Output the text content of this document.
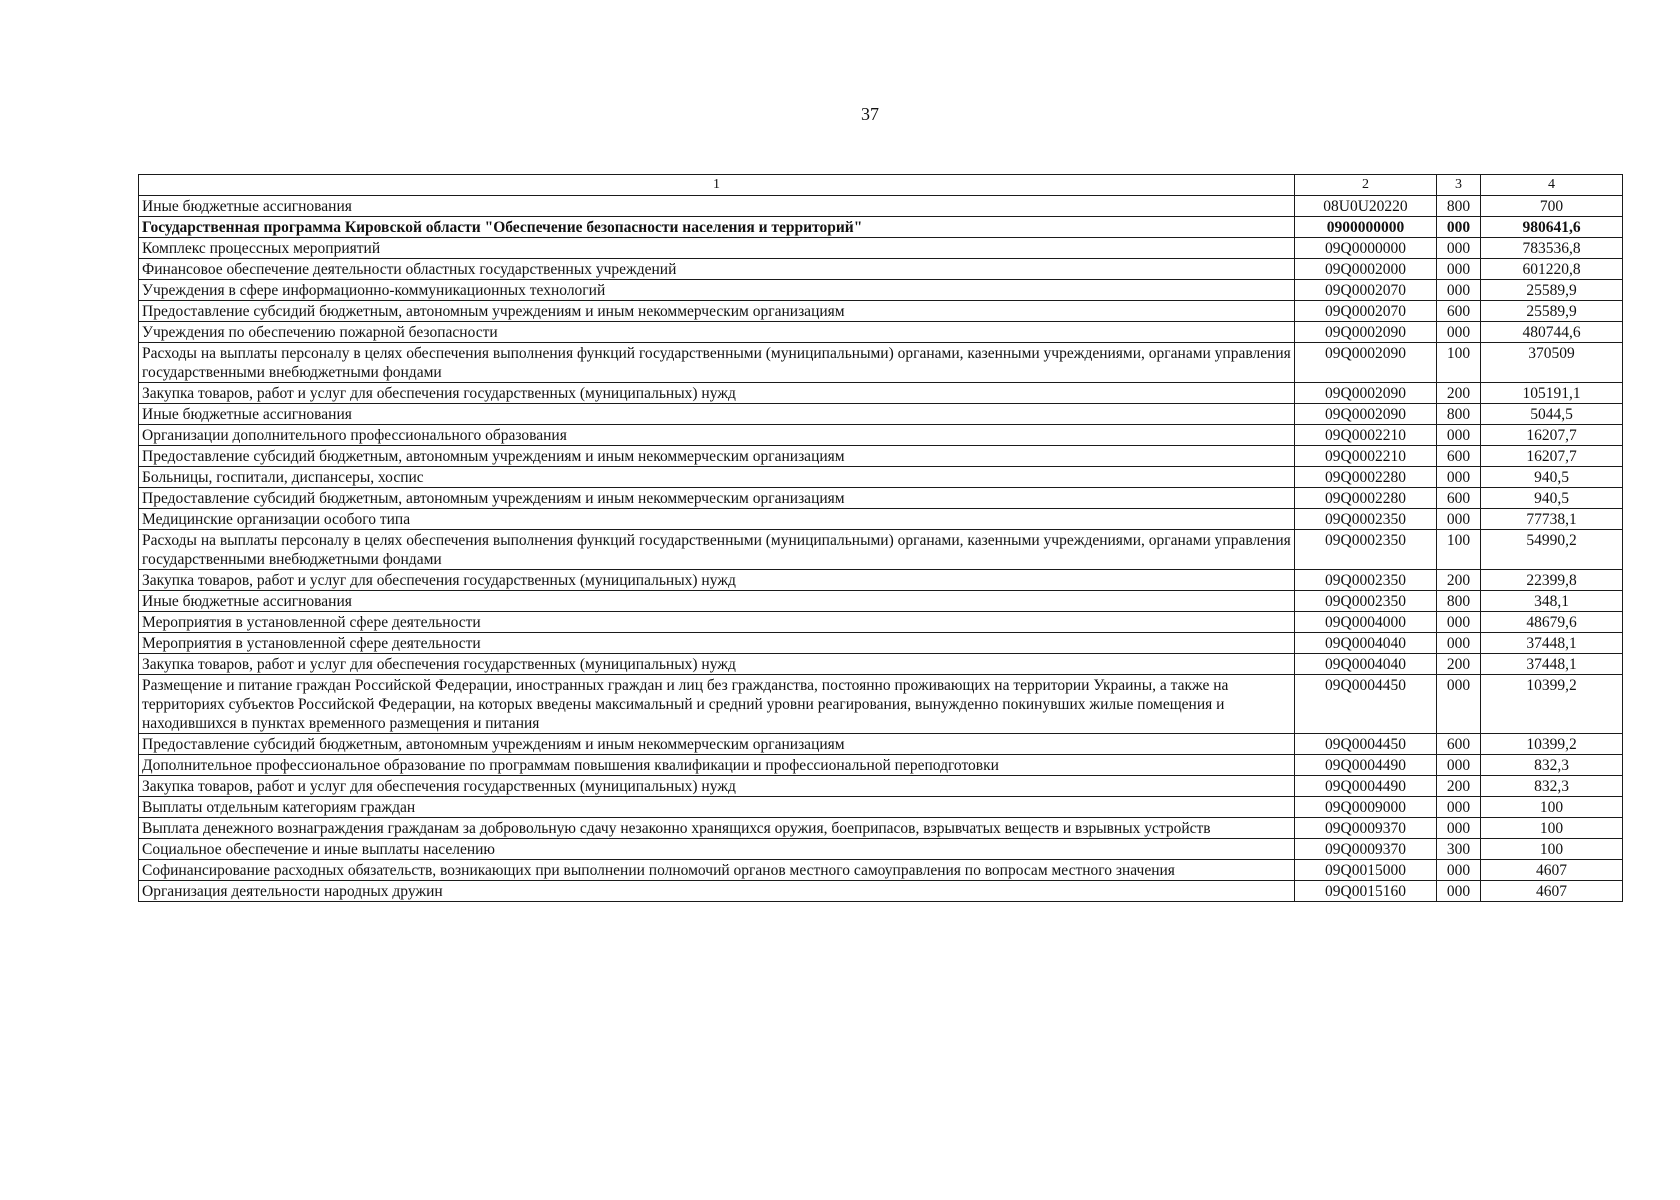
37
1	2	3	4
Иные бюджетные ассигнования	08U0U20220	800	700
Государственная программа Кировской области "Обеспечение безопасности населения и территорий"	0900000000	000	980641,6
Комплекс процессных мероприятий	09Q0000000	000	783536,8
Финансовое обеспечение деятельности областных государственных учреждений	09Q0002000	000	601220,8
Учреждения в сфере информационно-коммуникационных технологий	09Q0002070	000	25589,9
Предоставление субсидий бюджетным, автономным учреждениям и иным некоммерческим организациям	09Q0002070	600	25589,9
Учреждения по обеспечению пожарной безопасности	09Q0002090	000	480744,6
Расходы на выплаты персоналу в целях обеспечения выполнения функций государственными (муниципальными) органами, казенными учреждениями, органами управления государственными внебюджетными фондами	09Q0002090	100	370509
Закупка товаров, работ и услуг для обеспечения государственных (муниципальных) нужд	09Q0002090	200	105191,1
Иные бюджетные ассигнования	09Q0002090	800	5044,5
Организации дополнительного профессионального образования	09Q0002210	000	16207,7
Предоставление субсидий бюджетным, автономным учреждениям и иным некоммерческим организациям	09Q0002210	600	16207,7
Больницы, госпитали, диспансеры, хоспис	09Q0002280	000	940,5
Предоставление субсидий бюджетным, автономным учреждениям и иным некоммерческим организациям	09Q0002280	600	940,5
Медицинские организации особого типа	09Q0002350	000	77738,1
Расходы на выплаты персоналу в целях обеспечения выполнения функций государственными (муниципальными) органами, казенными учреждениями, органами управления государственными внебюджетными фондами	09Q0002350	100	54990,2
Закупка товаров, работ и услуг для обеспечения государственных (муниципальных) нужд	09Q0002350	200	22399,8
Иные бюджетные ассигнования	09Q0002350	800	348,1
Мероприятия в установленной сфере деятельности	09Q0004000	000	48679,6
Мероприятия в установленной сфере деятельности	09Q0004040	000	37448,1
Закупка товаров, работ и услуг для обеспечения государственных (муниципальных) нужд	09Q0004040	200	37448,1
Размещение и питание граждан Российской Федерации, иностранных граждан и лиц без гражданства, постоянно проживающих на территории Украины, а также на территориях субъектов Российской Федерации, на которых введены максимальный и средний уровни реагирования, вынужденно покинувших жилые помещения и находившихся в пунктах временного размещения и питания	09Q0004450	000	10399,2
Предоставление субсидий бюджетным, автономным учреждениям и иным некоммерческим организациям	09Q0004450	600	10399,2
Дополнительное профессиональное образование по программам повышения квалификации и профессиональной переподготовки	09Q0004490	000	832,3
Закупка товаров, работ и услуг для обеспечения государственных (муниципальных) нужд	09Q0004490	200	832,3
Выплаты отдельным категориям граждан	09Q0009000	000	100
Выплата денежного вознаграждения гражданам за добровольную сдачу незаконно хранящихся оружия, боеприпасов, взрывчатых веществ и взрывных устройств	09Q0009370	000	100
Социальное обеспечение и иные выплаты населению	09Q0009370	300	100
Софинансирование расходных обязательств, возникающих при выполнении полномочий органов местного самоуправления по вопросам местного значения	09Q0015000	000	4607
Организация деятельности народных дружин	09Q0015160	000	4607
